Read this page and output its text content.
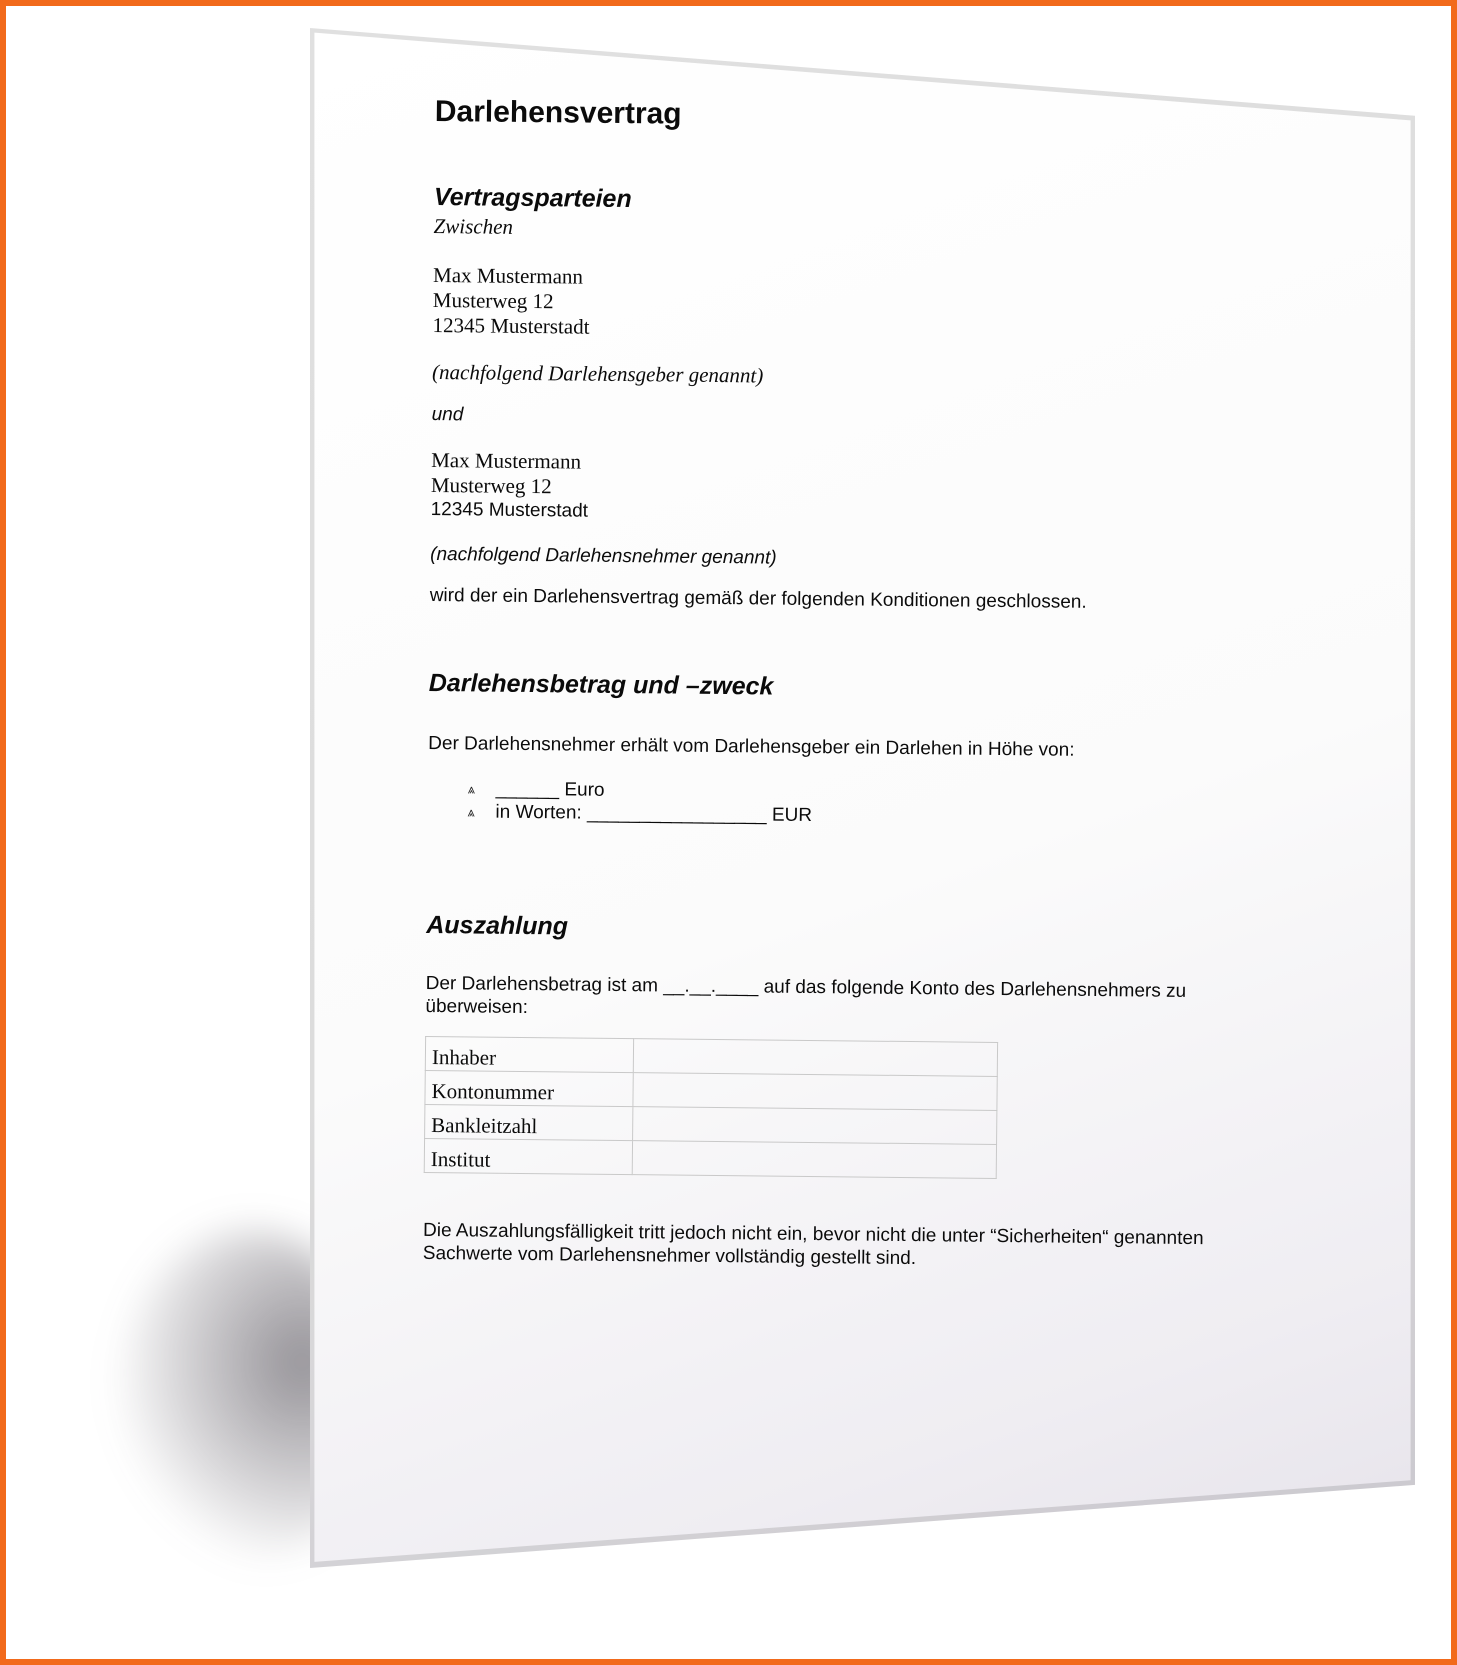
Darlehensvertrag
Vertragsparteien

Zwischen

Max Mustermann
Musterweg 12
12345 Musterstadt

(nachfolgend Darlehensgeber genannt)

und

Max Mustermann
Musterweg 12
12345 Musterstadt

(nachfolgend Darlehensnehmer genannt)

wird der ein Darlehensvertrag gemäß der folgenden Konditionen geschlossen.

Darlehensbetrag und –zweck

Der Darlehensnehmer erhält vom Darlehensgeber ein Darlehen in Höhe von:

⩓	______ Euro
⩓	in Worten: _________________ EUR
Auszahlung

Der Darlehensbetrag ist am __.__.____ auf das folgende Konto des Darlehensnehmers zu überweisen:

Inhaber	
Kontonummer	
Bankleitzahl	
Institut	

Die Auszahlungsfälligkeit tritt jedoch nicht ein, bevor nicht die unter “Sicherheiten“ genannten Sachwerte vom Darlehensnehmer vollständig gestellt sind.
